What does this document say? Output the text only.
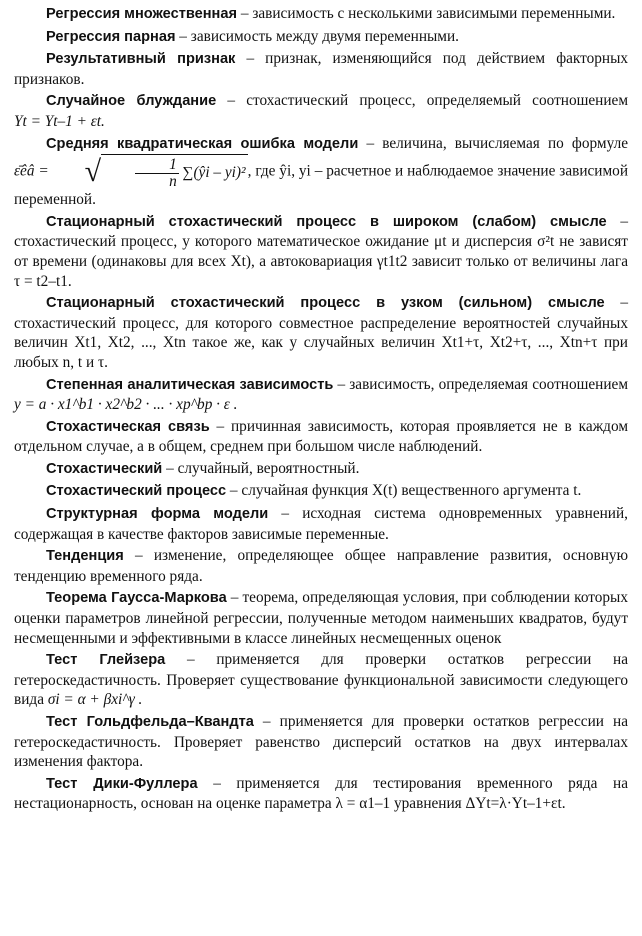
Регрессия множественная – зависимость с несколькими зависимыми переменными.

Регрессия парная – зависимость между двумя переменными.

Результативный признак – признак, изменяющийся под действием факторных признаков.

Случайное блуждание – стохастический процесс, определяемый соотношением Yt = Yt–1 + εt.

Средняя квадратическая ошибка модели – величина, вычисляемая по формуле ε̄êâ = √ $\frac{1}{n}$ ∑(ŷi – yi)² , где ŷi, yi – расчетное и наблюдаемое значение зависимой переменной.

Стационарный стохастический процесс в широком (слабом) смысле – стохастический процесс, у которого математическое ожидание μt и дисперсия σ²t не зависят от времени (одинаковы для всех Xt), а автоковариация γt1t2 зависит только от величины лага τ = t2–t1.

Стационарный стохастический процесс в узком (сильном) смысле – стохастический процесс, для которого совместное распределение вероятностей случайных величин Xt1, Xt2, ..., Xtn такое же, как у случайных величин Xt1+τ, Xt2+τ, ..., Xtn+τ при любых n, t и τ.

Степенная аналитическая зависимость – зависимость, определяемая соотношением y = a · x1^b1 · x2^b2 · ... · xp^bp · ε .

Стохастическая связь – причинная зависимость, которая проявляется не в каждом отдельном случае, а в общем, среднем при большом числе наблюдений.

Стохастический – случайный, вероятностный.

Стохастический процесс – случайная функция X(t) вещественного аргумента t.

Структурная форма модели – исходная система одновременных уравнений, содержащая в качестве факторов зависимые переменные.

Тенденция – изменение, определяющее общее направление развития, основную тенденцию временного ряда.

Теорема Гаусса-Маркова – теорема, определяющая условия, при соблюдении которых оценки параметров линейной регрессии, полученные методом наименьших квадратов, будут несмещенными и эффективными в классе линейных несмещенных оценок

Тест Глейзера – применяется для проверки остатков регрессии на гетероскедастичность. Проверяет существование функциональной зависимости следующего вида σi = α + βxi^γ .

Тест Гольдфельда–Квандта – применяется для проверки остатков регрессии на гетероскедастичность. Проверяет равенство дисперсий остатков на двух интервалах изменения фактора.

Тест Дики-Фуллера – применяется для тестирования временного ряда на нестационарность, основан на оценке параметра λ = α1–1 уравнения ΔYt=λ·Yt–1+εt.
